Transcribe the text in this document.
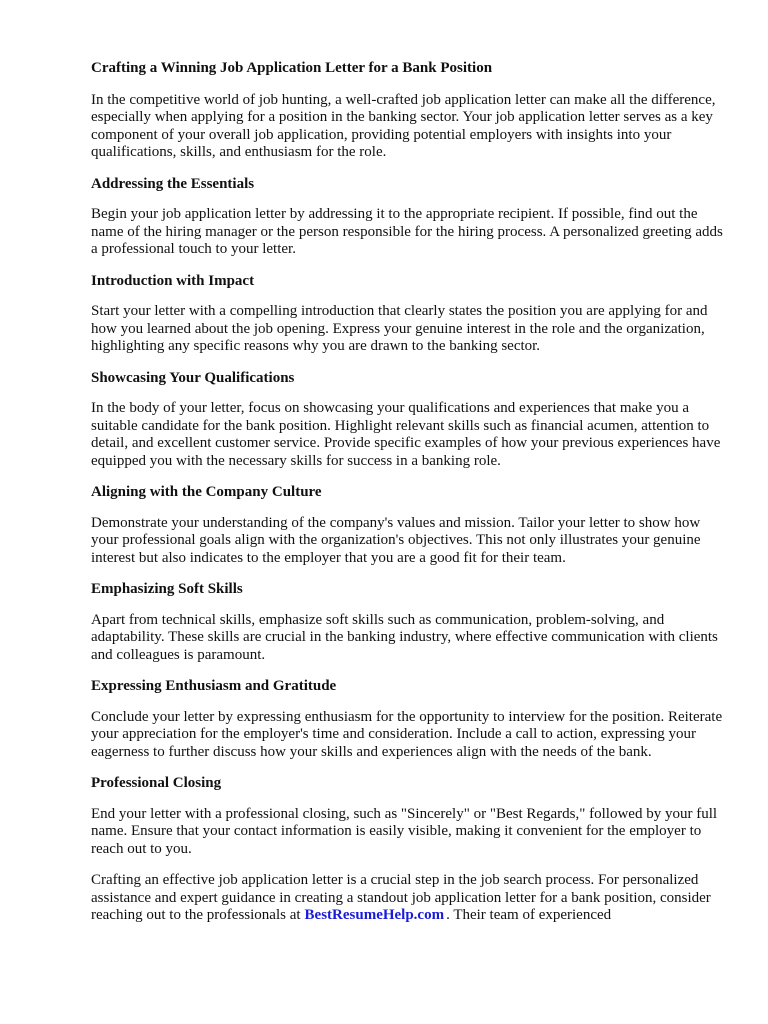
Crafting a Winning Job Application Letter for a Bank Position

In the competitive world of job hunting, a well-crafted job application letter can make all the difference, especially when applying for a position in the banking sector. Your job application letter serves as a key component of your overall job application, providing potential employers with insights into your qualifications, skills, and enthusiasm for the role.

Addressing the Essentials

Begin your job application letter by addressing it to the appropriate recipient. If possible, find out the name of the hiring manager or the person responsible for the hiring process. A personalized greeting adds a professional touch to your letter.

Introduction with Impact

Start your letter with a compelling introduction that clearly states the position you are applying for and how you learned about the job opening. Express your genuine interest in the role and the organization, highlighting any specific reasons why you are drawn to the banking sector.

Showcasing Your Qualifications

In the body of your letter, focus on showcasing your qualifications and experiences that make you a suitable candidate for the bank position. Highlight relevant skills such as financial acumen, attention to detail, and excellent customer service. Provide specific examples of how your previous experiences have equipped you with the necessary skills for success in a banking role.

Aligning with the Company Culture

Demonstrate your understanding of the company's values and mission. Tailor your letter to show how your professional goals align with the organization's objectives. This not only illustrates your genuine interest but also indicates to the employer that you are a good fit for their team.

Emphasizing Soft Skills

Apart from technical skills, emphasize soft skills such as communication, problem-solving, and adaptability. These skills are crucial in the banking industry, where effective communication with clients and colleagues is paramount.

Expressing Enthusiasm and Gratitude

Conclude your letter by expressing enthusiasm for the opportunity to interview for the position. Reiterate your appreciation for the employer's time and consideration. Include a call to action, expressing your eagerness to further discuss how your skills and experiences align with the needs of the bank.

Professional Closing

End your letter with a professional closing, such as "Sincerely" or "Best Regards," followed by your full name. Ensure that your contact information is easily visible, making it convenient for the employer to reach out to you.

Crafting an effective job application letter is a crucial step in the job search process. For personalized assistance and expert guidance in creating a standout job application letter for a bank position, consider reaching out to the professionals at BestResumeHelp.com . Their team of experienced
